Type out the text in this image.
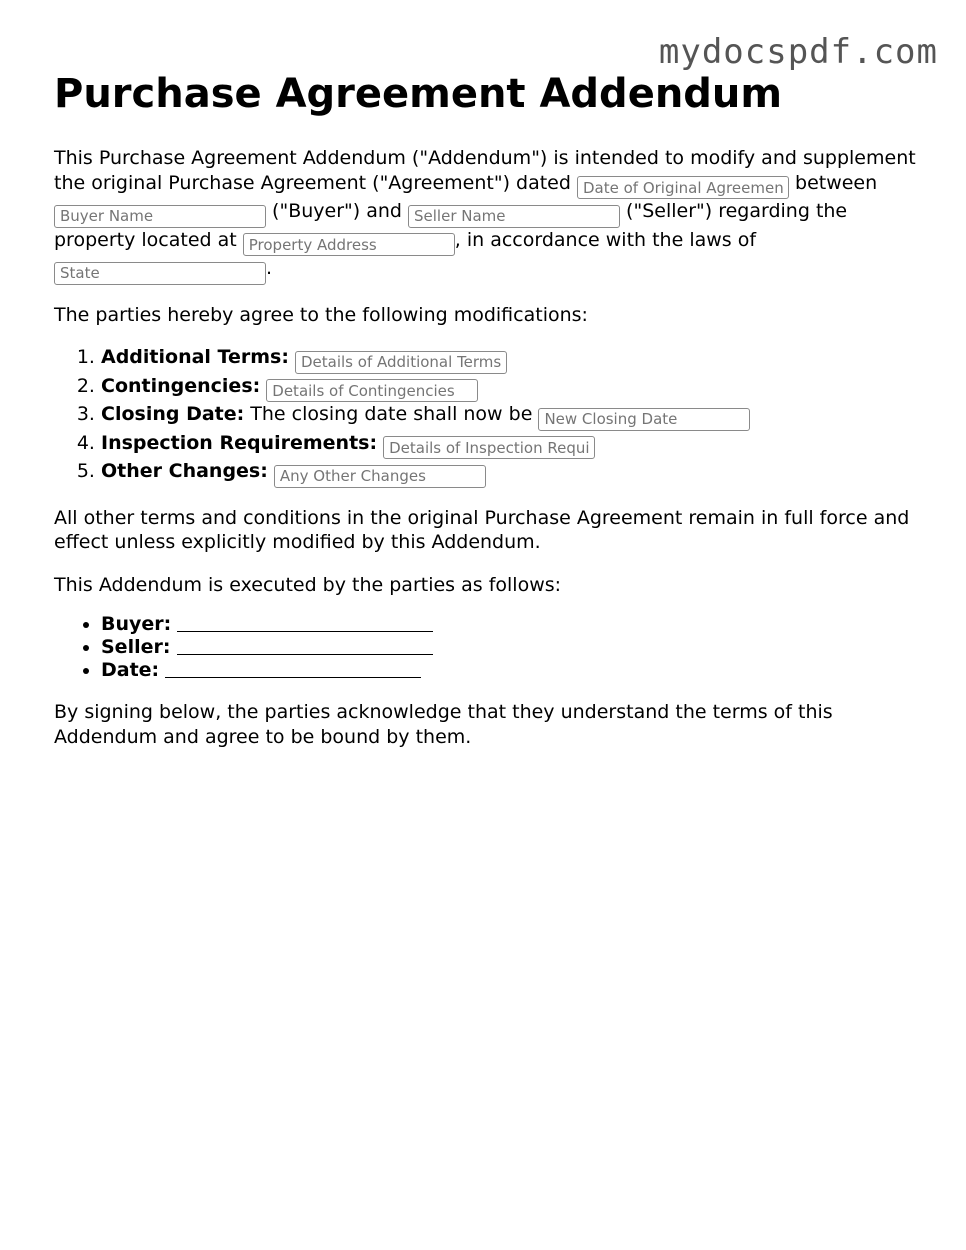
mydocspdf.com
Purchase Agreement Addendum

This Purchase Agreement Addendum ("Addendum") is intended to modify and supplement the original Purchase Agreement ("Agreement") dated Date of Original Agreement	between Buyer Name ("Buyer") and Seller Name	("Seller") regarding the property located at Property Address	, in accordance with the laws of State.

The parties hereby agree to the following modifications:

1. Additional Terms: Details of Additional Terms
2. Contingencies: Details of Contingencies
3. Closing Date: The closing date shall now be New Closing Date
4. Inspection Requirements: Details of Inspection Requirements
5. Other Changes: Any Other Changes

All other terms and conditions in the original Purchase Agreement remain in full force and effect unless explicitly modified by this Addendum.

This Addendum is executed by the parties as follows:

• Buyer:
• Seller:
• Date:

By signing below, the parties acknowledge that they understand the terms of this Addendum and agree to be bound by them.
